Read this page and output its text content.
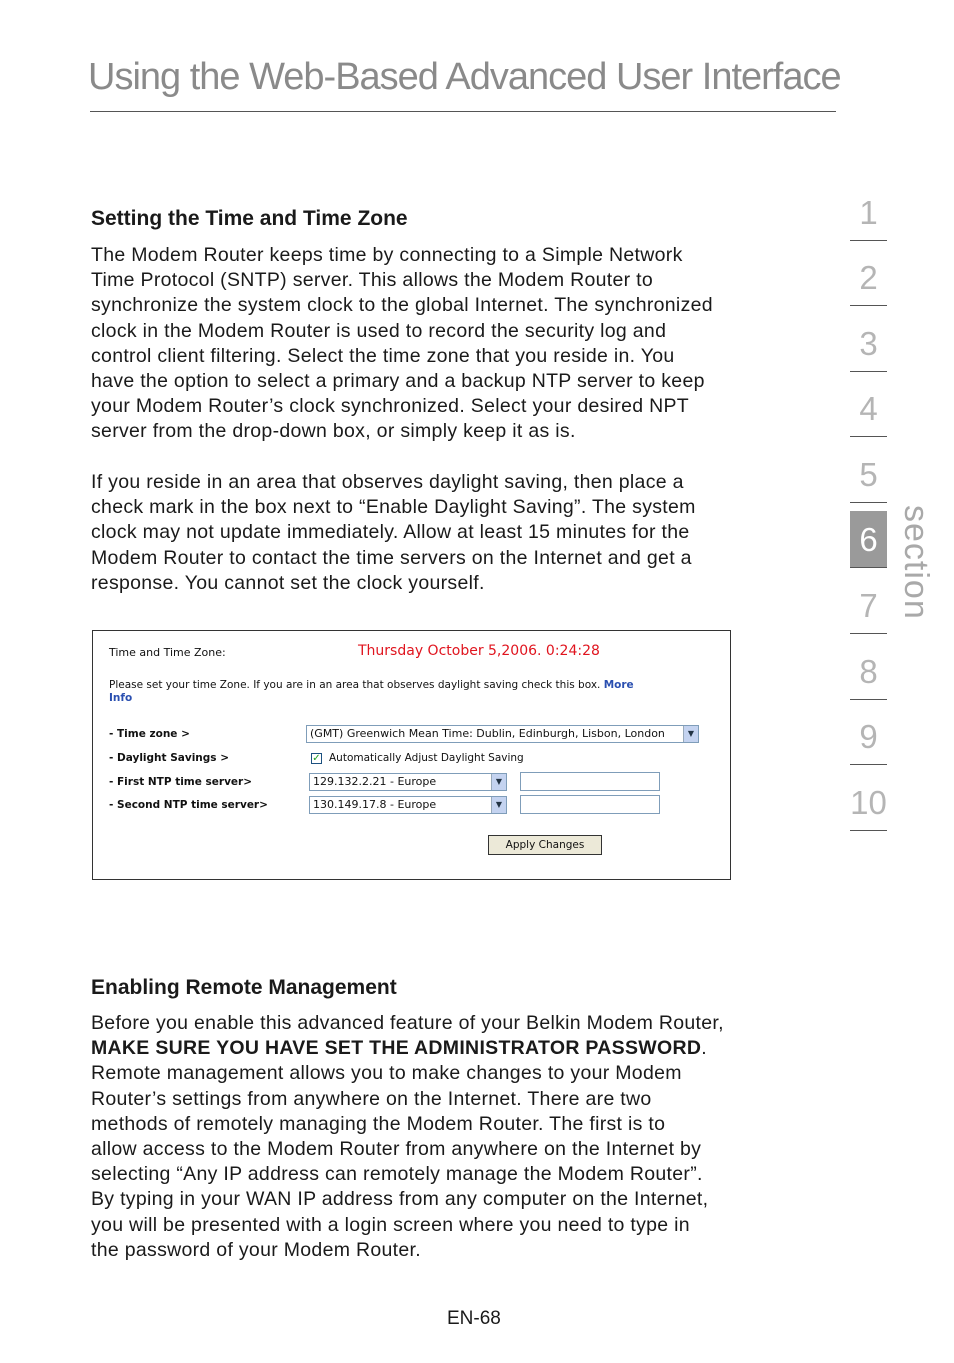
Using the Web-Based Advanced User Interface
Setting the Time and Time Zone
The Modem Router keeps time by connecting to a Simple Network
Time Protocol (SNTP) server. This allows the Modem Router to
synchronize the system clock to the global Internet. The synchronized
clock in the Modem Router is used to record the security log and
control client filtering. Select the time zone that you reside in. You
have the option to select a primary and a backup NTP server to keep
your Modem Router’s clock synchronized. Select your desired NPT
server from the drop-down box, or simply keep it as is.
If you reside in an area that observes daylight saving, then place a
check mark in the box next to “Enable Daylight Saving”. The system
clock may not update immediately. Allow at least 15 minutes for the
Modem Router to contact the time servers on the Internet and get a
response. You cannot set the clock yourself.
Time and Time Zone:	Thursday October 5,2006. 0:24:28
Please set your time Zone. If you are in an area that observes daylight saving check this box. More
Info
- Time zone >	(GMT) Greenwich Mean Time: Dublin, Edinburgh, Lisbon, London	▼
- Daylight Savings >	✓ Automatically Adjust Daylight Saving
- First NTP time server>	129.132.2.21 - Europe	▼
- Second NTP time server>	130.149.17.8 - Europe	▼
Apply Changes
Enabling Remote Management
Before you enable this advanced feature of your Belkin Modem Router,
MAKE SURE YOU HAVE SET THE ADMINISTRATOR PASSWORD.
Remote management allows you to make changes to your Modem
Router’s settings from anywhere on the Internet. There are two
methods of remotely managing the Modem Router. The first is to
allow access to the Modem Router from anywhere on the Internet by
selecting “Any IP address can remotely manage the Modem Router”.
By typing in your WAN IP address from any computer on the Internet,
you will be presented with a login screen where you need to type in
the password of your Modem Router.
1
2
3
4
5
6
7
8
9
10
section
EN-68
